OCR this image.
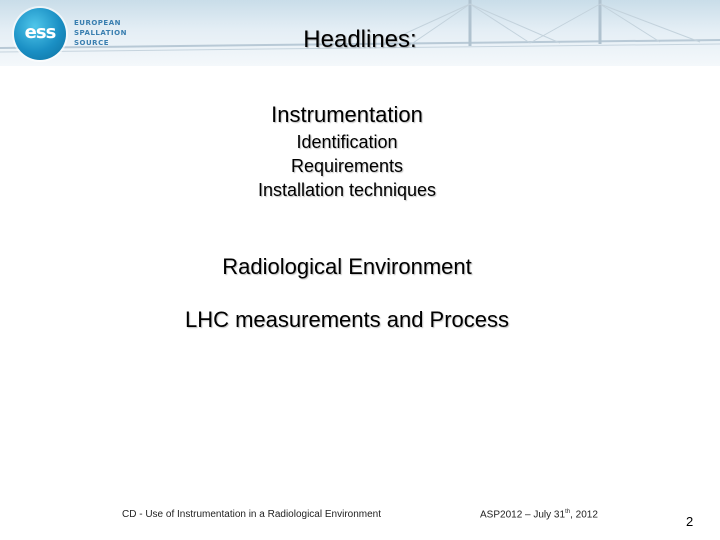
ess	EUROPEAN
SPALLATION
SOURCE	Headlines:
Instrumentation
Identification
Requirements
Installation techniques
Radiological Environment
LHC measurements and Process
CD - Use of Instrumentation in a Radiological Environment	ASP2012 – July 31th, 2012	2
